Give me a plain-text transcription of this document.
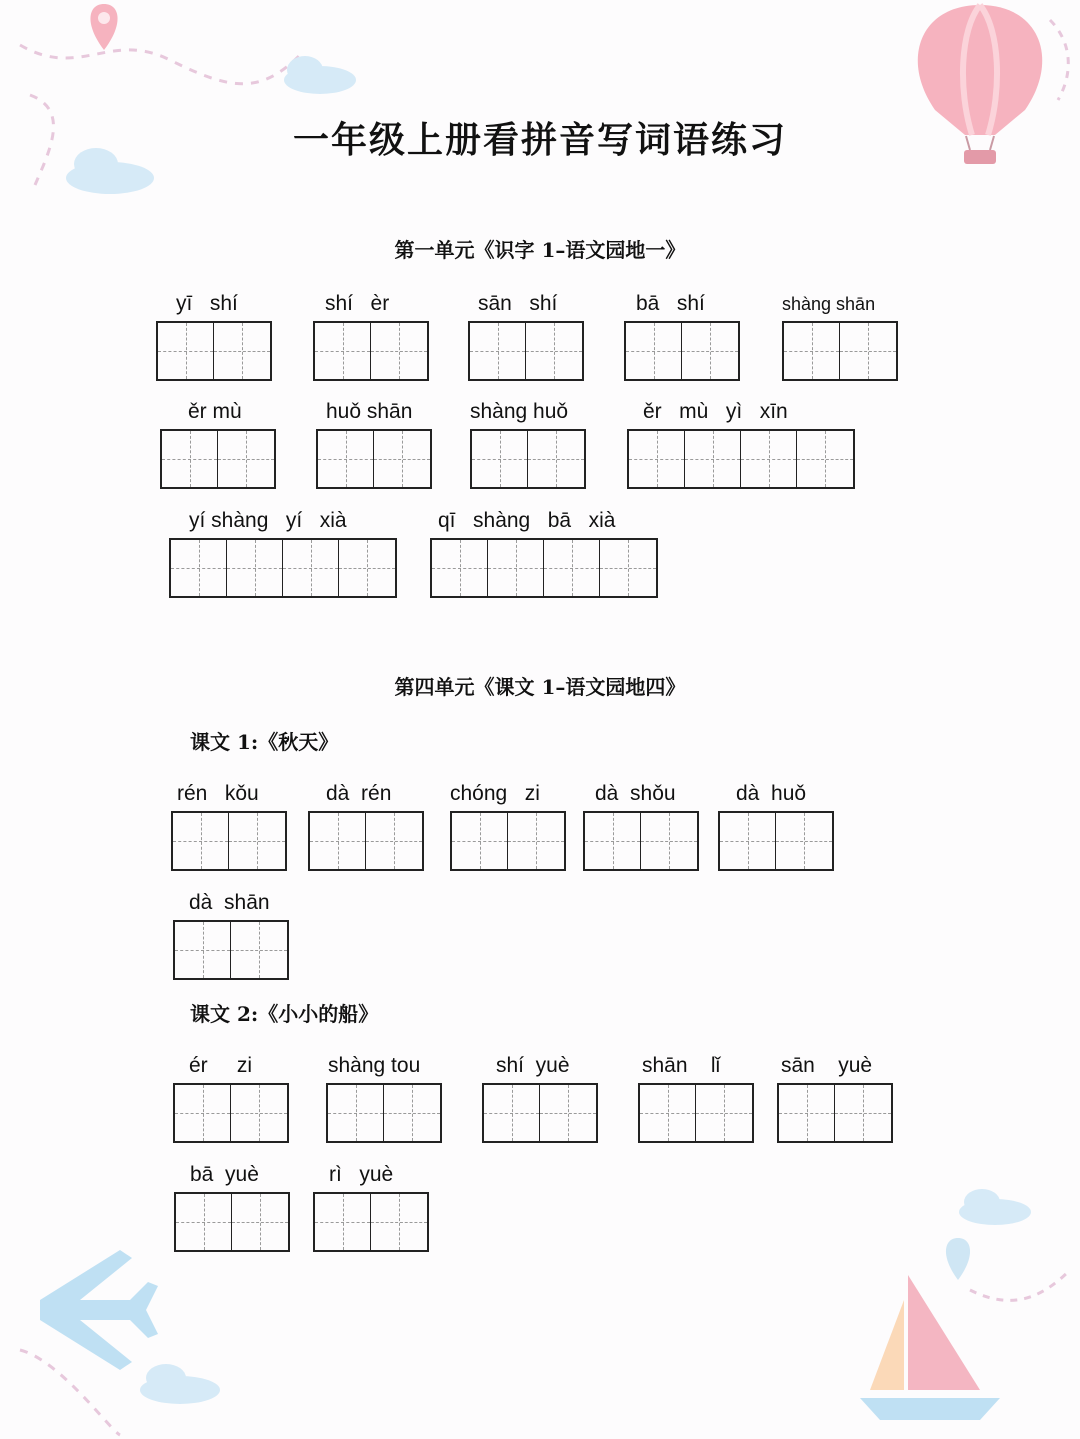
一年级上册看拼音写词语练习
第一单元《识字 1–语文园地一》
yī   shí	shí   èr	sān   shí	bā   shí	shàng shān
ěr mù	huǒ shān	shàng huǒ	ěr   mù   yì   xīn
yí shàng   yí   xià	qī   shàng   bā   xià
第四单元《课文 1–语文园地四》
课文 1:《秋天》
rén   kǒu	dà  rén	chóng   zi	dà  shǒu	dà  huǒ
dà  shān
课文 2:《小小的船》
ér     zi	shàng tou	shí  yuè	shān    lǐ	sān    yuè
bā  yuè	rì   yuè
